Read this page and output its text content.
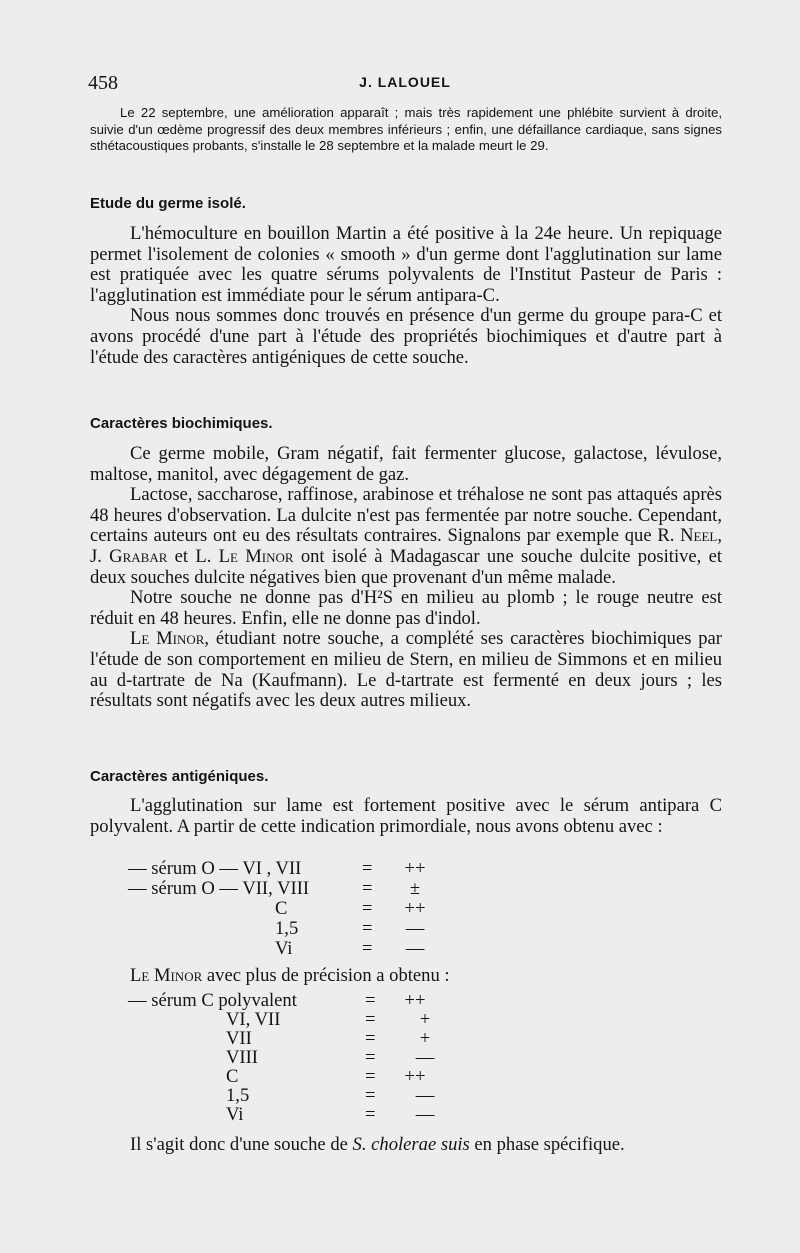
458	J. LALOUEL
Le 22 septembre, une amélioration apparaît ; mais très rapidement une phlébite survient à droite, suivie d'un œdème progressif des deux membres inférieurs ; enfin, une défaillance cardiaque, sans signes sthétacoustiques probants, s'installe le 28 septembre et la malade meurt le 29.
Etude du germe isolé.

L'hémoculture en bouillon Martin a été positive à la 24e heure. Un repiquage permet l'isolement de colonies « smooth » d'un germe dont l'agglutination sur lame est pratiquée avec les quatre sérums polyvalents de l'Institut Pasteur de Paris : l'agglutination est immédiate pour le sérum antipara-C.

Nous nous sommes donc trouvés en présence d'un germe du groupe para-C et avons procédé d'une part à l'étude des propriétés biochimiques et d'autre part à l'étude des caractères antigéniques de cette souche.

Caractères biochimiques.

Ce germe mobile, Gram négatif, fait fermenter glucose, galactose, lévulose, maltose, manitol, avec dégagement de gaz.

Lactose, saccharose, raffinose, arabinose et tréhalose ne sont pas attaqués après 48 heures d'observation. La dulcite n'est pas fermentée par notre souche. Cependant, certains auteurs ont eu des résultats contraires. Signalons par exemple que R. Neel, J. Grabar et L. Le Minor ont isolé à Madagascar une souche dulcite positive, et deux souches dulcite négatives bien que provenant d'un même malade.

Notre souche ne donne pas d'H²S en milieu au plomb ; le rouge neutre est réduit en 48 heures. Enfin, elle ne donne pas d'indol.

Le Minor, étudiant notre souche, a complété ses caractères biochimiques par l'étude de son comportement en milieu de Stern, en milieu de Simmons et en milieu au d-tartrate de Na (Kaufmann). Le d-tartrate est fermenté en deux jours ; les résultats sont négatifs avec les deux autres milieux.

Caractères antigéniques.

L'agglutination sur lame est fortement positive avec le sérum antipara C polyvalent. A partir de cette indication primordiale, nous avons obtenu avec :

— sérum O — VI , VII	=	++
— sérum O — VII, VIII	=	±
C	=	++
1,5	=	—
Vi	=	—

Le Minor avec plus de précision a obtenu :

— sérum C polyvalent	=	++
VI, VII	=	+
VII	=	+
VIII	=	—
C	=	++
1,5	=	—
Vi	=	—
Il s'agit donc d'une souche de S. cholerae suis en phase spécifique.
